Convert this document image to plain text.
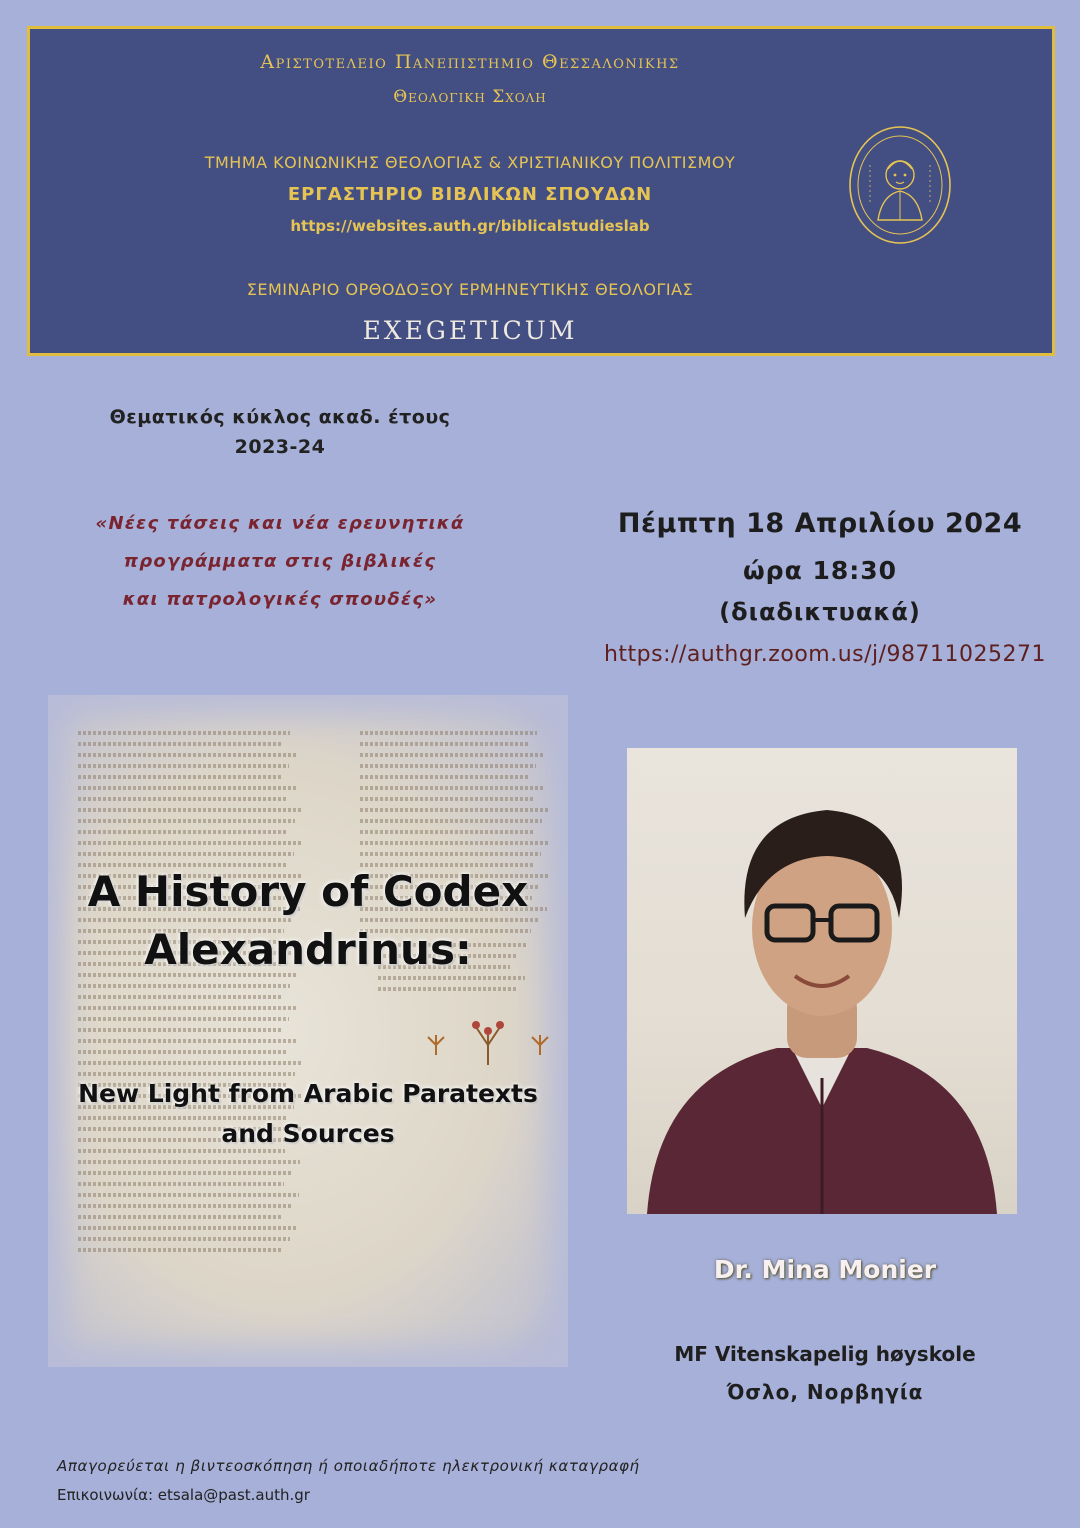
Αριστοτελειο Πανεπιστημιο Θεσσαλονικης
Θεολογικη Σχολη
ΤΜΗΜΑ ΚΟΙΝΩΝΙΚΗΣ ΘΕΟΛΟΓΙΑΣ & ΧΡΙΣΤΙΑΝΙΚΟΥ ΠΟΛΙΤΙΣΜΟΥ
ΕΡΓΑΣΤΗΡΙΟ ΒΙΒΛΙΚΩΝ ΣΠΟΥΔΩΝ
https://websites.auth.gr/biblicalstudieslab
ΣΕΜΙΝΑΡΙΟ ΟΡΘΟΔΟΞΟΥ ΕΡΜΗΝΕΥΤΙΚΗΣ ΘΕΟΛΟΓΙΑΣ
EXEGETICUM
Θεματικός κύκλος ακαδ. έτους
2023-24
«Νέες τάσεις και νέα ερευνητικά
προγράμματα στις βιβλικές
και πατρολογικές σπουδές»
Πέμπτη 18 Απριλίου 2024
ώρα 18:30
(διαδικτυακά)
https://authgr.zoom.us/j/98711025271
A History of Codex
Alexandrinus:
New Light from Arabic Paratexts
and Sources
Dr. Mina Monier
MF Vitenskapelig høyskole
Όσλο, Νορβηγία
Απαγορεύεται η βιντεοσκόπηση ή οποιαδήποτε ηλεκτρονική καταγραφή
Επικοινωνία: etsala@past.auth.gr
